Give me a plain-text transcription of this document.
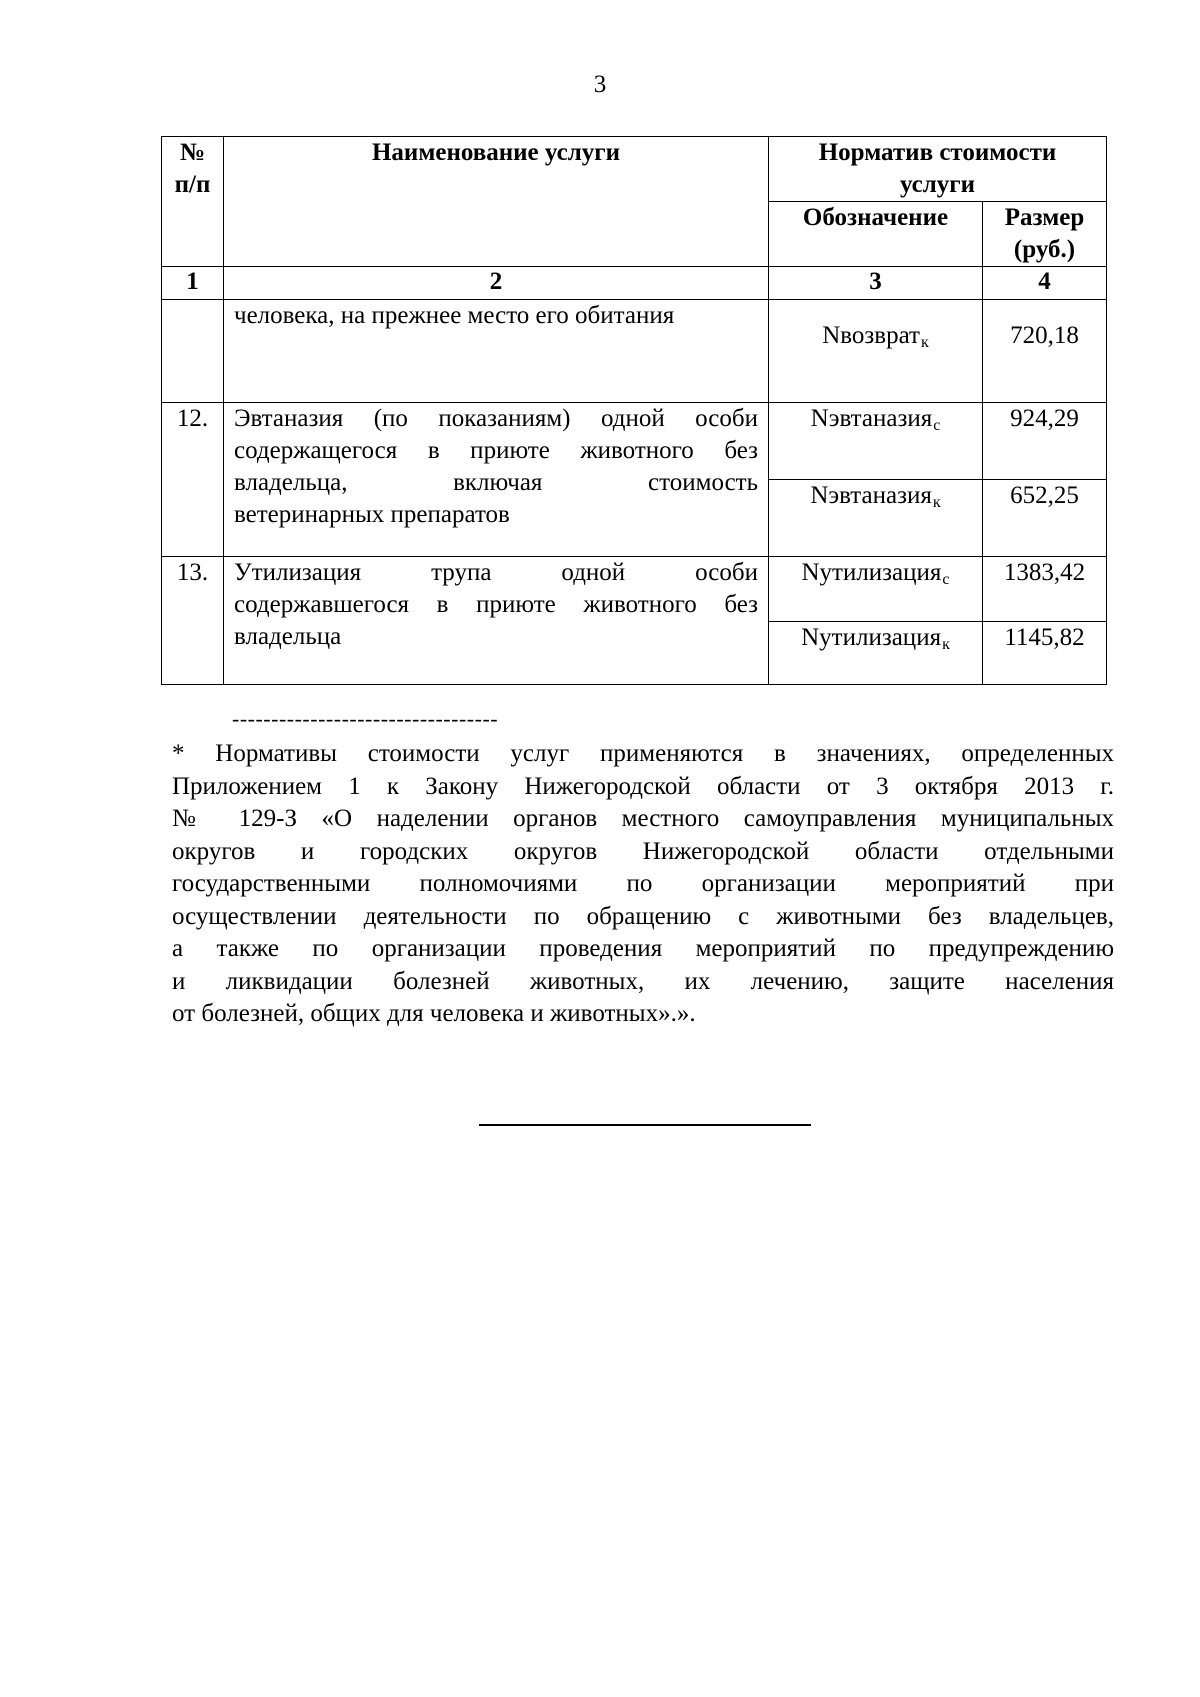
3
№ п/п	Наименование услуги	Норматив стоимости услуги	
		Обозначение	Размер (руб.)
1	2	3	4

	человека, на прежнее место его обитания	Nвозврат$_к$	720,18
12.	Эвтаназия (по показаниям) одной особи
содержащегося в приюте животного без
владельца, включая стоимость
ветеринарных препаратов	Nэвтаназия$_с$	924,29
		Nэвтаназия$_к$	652,25
13.	Утилизация трупа одной особи
содержавшегося в приюте животного без
владельца	Nутилизация$_с$	1383,42
		Nутилизация$_к$	1145,82
----------------------------------
* Нормативы стоимости услуг применяются в значениях, определенных
Приложением 1 к Закону Нижегородской области от 3 октября 2013 г.
№ 129-З «О наделении органов местного самоуправления муниципальных
округов и городских округов Нижегородской области отдельными
государственными полномочиями по организации мероприятий при
осуществлении деятельности по обращению с животными без владельцев,
а также по организации проведения мероприятий по предупреждению
и ликвидации болезней животных, их лечению, защите населения
от болезней, общих для человека и животных».».
